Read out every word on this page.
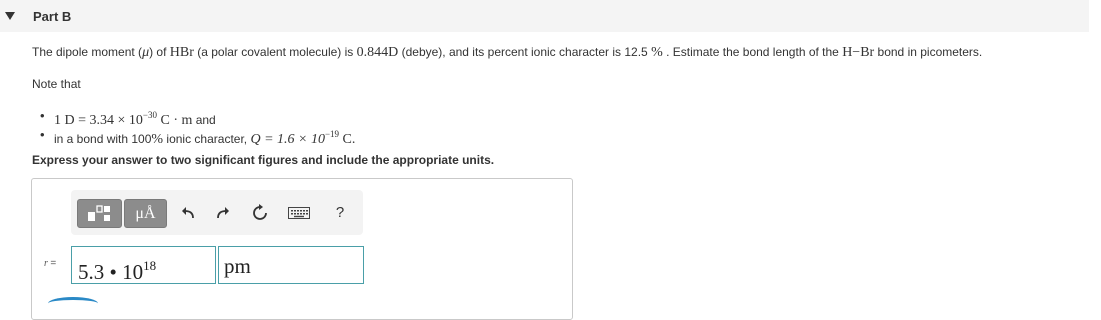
Part B
The dipole moment (μ) of HBr (a polar covalent molecule) is 0.844D (debye), and its percent ionic character is 12.5 % . Estimate the bond length of the H−Br bond in picometers.
Note that
• 1 $D = 3.34 \times 10^{-30}$ C · m and
• in a bond with 100% ionic character, $Q = 1.6 \times 10^{-19}$ C.
Express your answer to two significant figures and include the appropriate units.
μÅ	?
r =	5.3 • $10^{18}$	pm
